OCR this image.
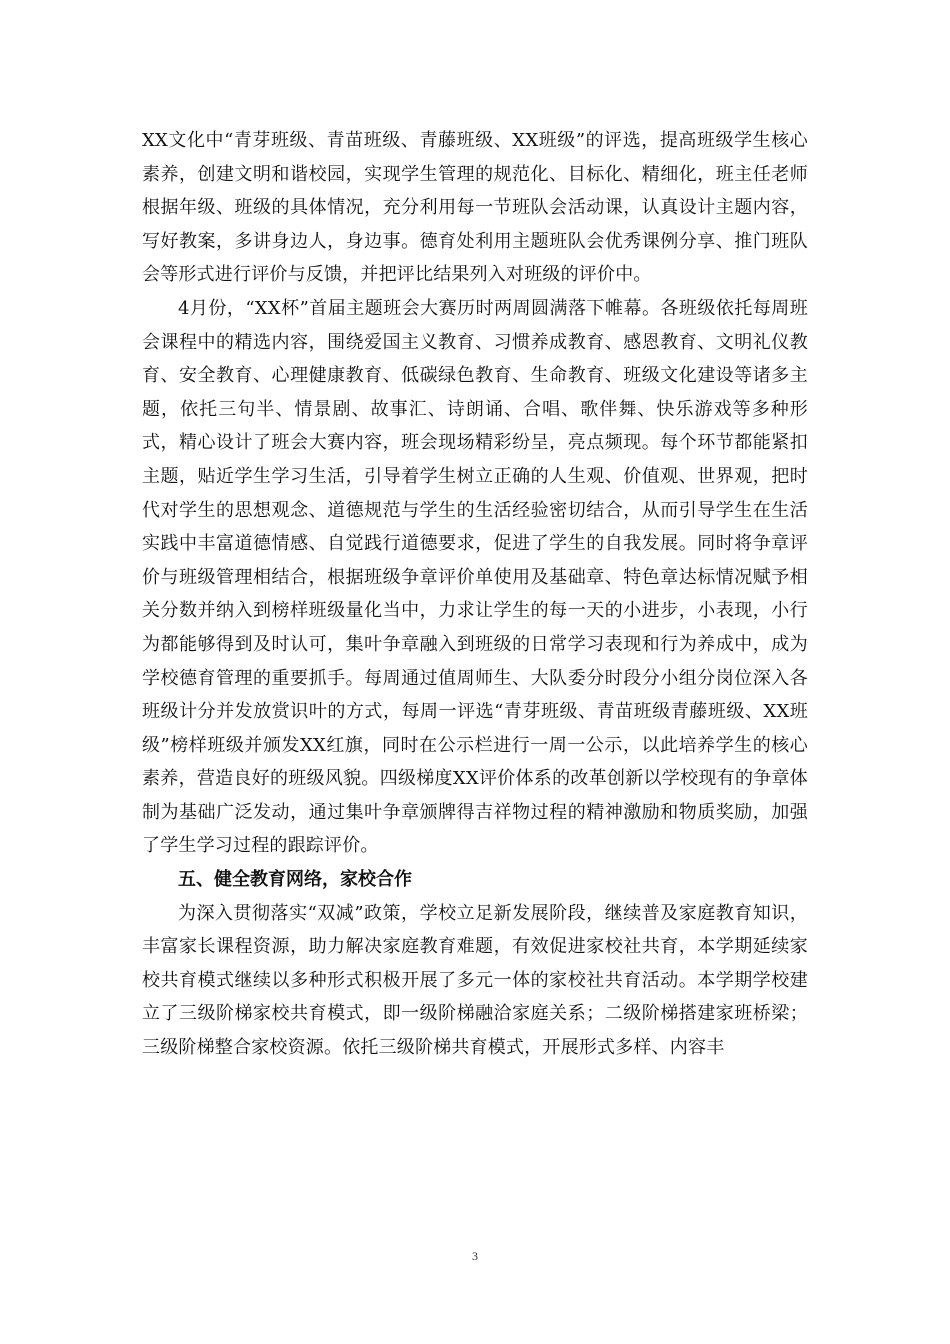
XX文化中“青芽班级、青苗班级、青藤班级、XX班级”的评选，提高班级学生核心素养，创建文明和谐校园，实现学生管理的规范化、目标化、精细化，班主任老师根据年级、班级的具体情况，充分利用每一节班队会活动课，认真设计主题内容，写好教案，多讲身边人，身边事。德育处利用主题班队会优秀课例分享、推门班队会等形式进行评价与反馈，并把评比结果列入对班级的评价中。

4月份，“XX杯”首届主题班会大赛历时两周圆满落下帷幕。各班级依托每周班会课程中的精选内容，围绕爱国主义教育、习惯养成教育、感恩教育、文明礼仪教育、安全教育、心理健康教育、低碳绿色教育、生命教育、班级文化建设等诸多主题，依托三句半、情景剧、故事汇、诗朗诵、合唱、歌伴舞、快乐游戏等多种形式，精心设计了班会大赛内容，班会现场精彩纷呈，亮点频现。每个环节都能紧扣主题，贴近学生学习生活，引导着学生树立正确的人生观、价值观、世界观，把时代对学生的思想观念、道德规范与学生的生活经验密切结合，从而引导学生在生活实践中丰富道德情感、自觉践行道德要求，促进了学生的自我发展。同时将争章评价与班级管理相结合，根据班级争章评价单使用及基础章、特色章达标情况赋予相关分数并纳入到榜样班级量化当中，力求让学生的每一天的小进步，小表现，小行为都能够得到及时认可，集叶争章融入到班级的日常学习表现和行为养成中，成为学校德育管理的重要抓手。每周通过值周师生、大队委分时段分小组分岗位深入各班级计分并发放赏识叶的方式，每周一评选“青芽班级、青苗班级青藤班级、XX班级”榜样班级并颁发XX红旗，同时在公示栏进行一周一公示，以此培养学生的核心素养，营造良好的班级风貌。四级梯度XX评价体系的改革创新以学校现有的争章体制为基础广泛发动，通过集叶争章颁牌得吉祥物过程的精神激励和物质奖励，加强了学生学习过程的跟踪评价。

五、健全教育网络，家校合作

为深入贯彻落实“双减”政策，学校立足新发展阶段，继续普及家庭教育知识，丰富家长课程资源，助力解决家庭教育难题，有效促进家校社共育，本学期延续家校共育模式继续以多种形式积极开展了多元一体的家校社共育活动。本学期学校建立了三级阶梯家校共育模式，即一级阶梯融洽家庭关系；二级阶梯搭建家班桥梁；三级阶梯整合家校资源。依托三级阶梯共育模式，开展形式多样、内容丰

3
